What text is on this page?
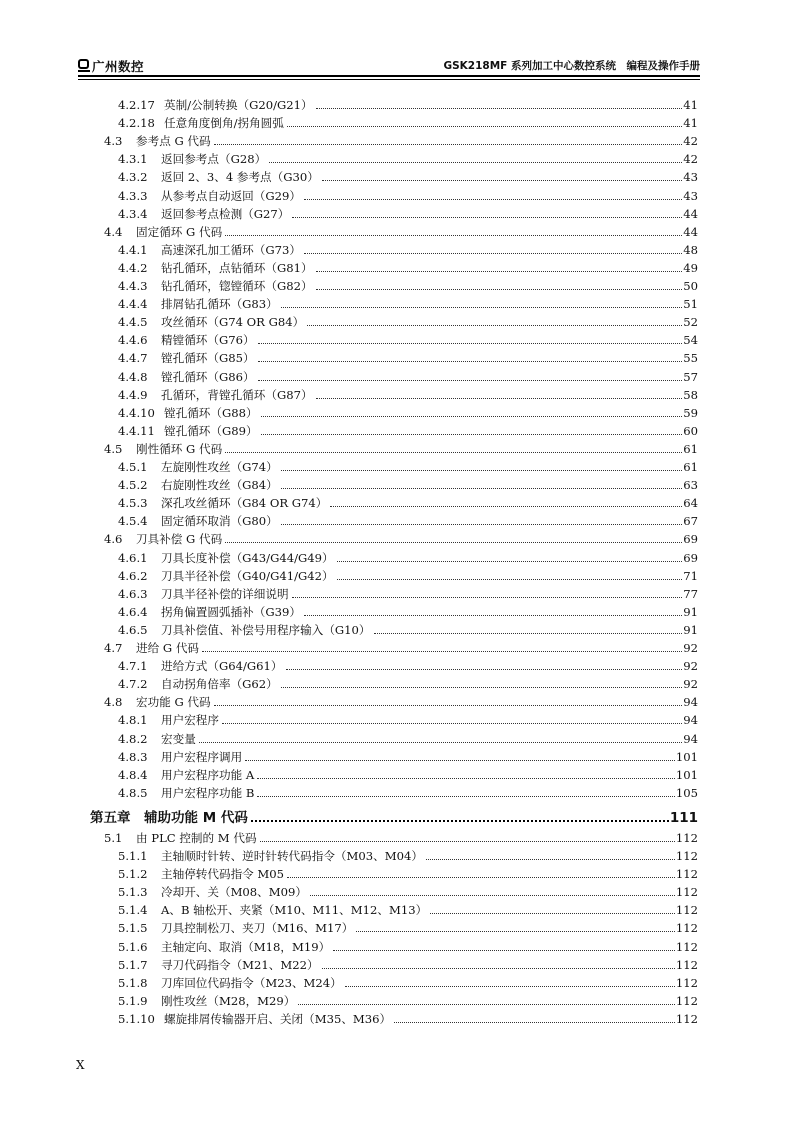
广州数控	GSK218MF 系列加工中心数控系统　编程及操作手册
4.2.17 英制/公制转换（G20/G21）	41
4.2.18 任意角度倒角/拐角圆弧	41
4.3	参考点 G 代码	42
4.3.1	返回参考点（G28）	42
4.3.2	返回 2、3、4 参考点（G30）	43
4.3.3	从参考点自动返回（G29）	43
4.3.4	返回参考点检测（G27）	44
4.4	固定循环 G 代码	44
4.4.1	高速深孔加工循环（G73）	48
4.4.2	钻孔循环，点钻循环（G81）	49
4.4.3	钻孔循环，锪镗循环（G82）	50
4.4.4	排屑钻孔循环（G83）	51
4.4.5	攻丝循环（G74 OR G84）	52
4.4.6	精镗循环（G76）	54
4.4.7	镗孔循环（G85）	55
4.4.8	镗孔循环（G86）	57
4.4.9	孔循环，背镗孔循环（G87）	58
4.4.10 镗孔循环（G88）	59
4.4.11 镗孔循环（G89）	60
4.5	刚性循环 G 代码	61
4.5.1	左旋刚性攻丝（G74）	61
4.5.2	右旋刚性攻丝（G84）	63
4.5.3	深孔攻丝循环（G84 OR G74）	64
4.5.4	固定循环取消（G80）	67
4.6	刀具补偿 G 代码	69
4.6.1	刀具长度补偿（G43/G44/G49）	69
4.6.2	刀具半径补偿（G40/G41/G42）	71
4.6.3	刀具半径补偿的详细说明	77
4.6.4	拐角偏置圆弧插补（G39）	91
4.6.5	刀具补偿值、补偿号用程序输入（G10）	91
4.7	进给 G 代码	92
4.7.1	进给方式（G64/G61）	92
4.7.2	自动拐角倍率（G62）	92
4.8	宏功能 G 代码	94
4.8.1	用户宏程序	94
4.8.2	宏变量	94
4.8.3	用户宏程序调用	101
4.8.4	用户宏程序功能 A	101
4.8.5	用户宏程序功能 B	105
第五章　辅助功能 M 代码	111
5.1	由 PLC 控制的 M 代码	112
5.1.1	主轴顺时针转、逆时针转代码指令（M03、M04）	112
5.1.2	主轴停转代码指令 M05	112
5.1.3	冷却开、关（M08、M09）	112
5.1.4	A、B 轴松开、夹紧（M10、M11、M12、M13）	112
5.1.5	刀具控制松刀、夹刀（M16、M17）	112
5.1.6	主轴定向、取消（M18，M19）	112
5.1.7	寻刀代码指令（M21、M22）	112
5.1.8	刀库回位代码指令（M23、M24）	112
5.1.9	刚性攻丝（M28，M29）	112
5.1.10 螺旋排屑传输器开启、关闭（M35、M36）	112
X
